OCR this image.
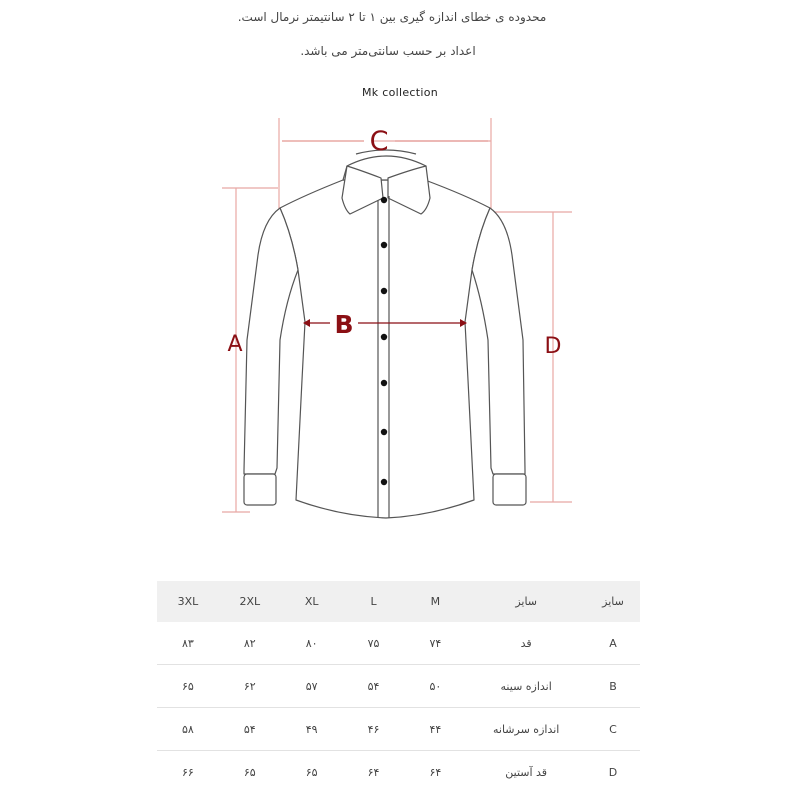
محدوده ی خطای اندازه گیری بین ۱ تا ۲ سانتیمتر نرمال است.
اعداد بر حسب سانتی‌متر می باشد.
Mk collection
C
B
A	D
3XL	2XL	XL	L	M	سایز	سایز
۸۳	۸۲	۸۰	۷۵	۷۴	قد	A
۶۵	۶۲	۵۷	۵۴	۵۰	اندازه سینه	B
۵۸	۵۴	۴۹	۴۶	۴۴	اندازه سرشانه	C
۶۶	۶۵	۶۵	۶۴	۶۴	قد آستین	D
